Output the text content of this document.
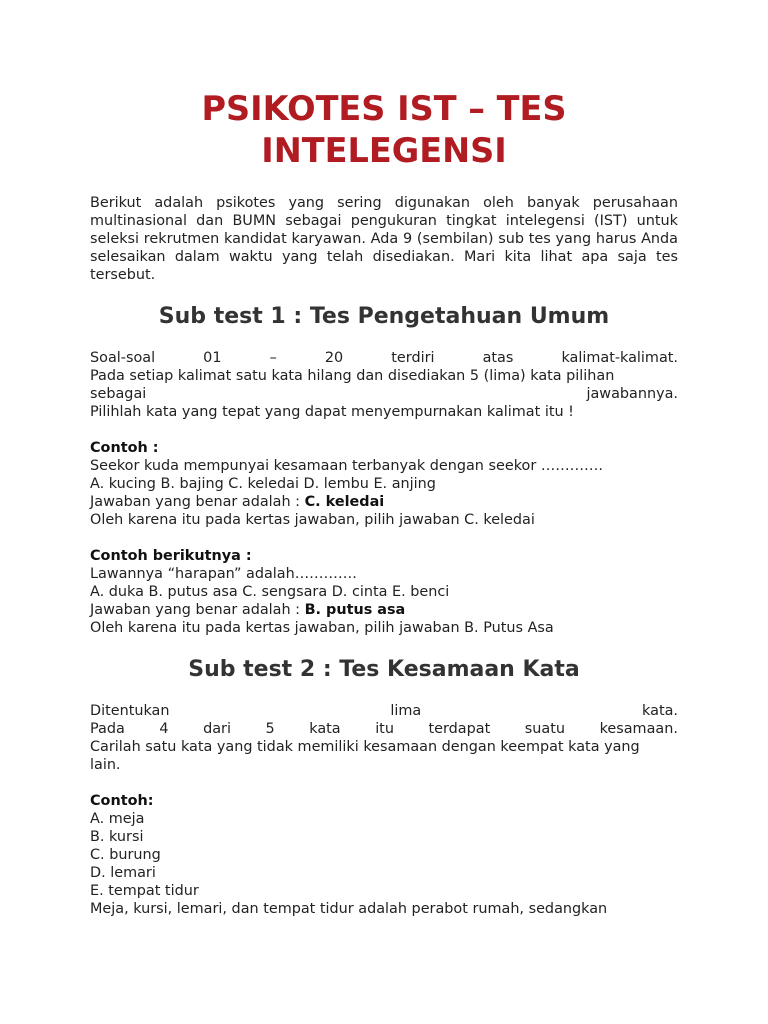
PSIKOTES IST – TES
INTELEGENSI

Berikut adalah psikotes yang sering digunakan oleh banyak perusahaan multinasional dan BUMN sebagai pengukuran tingkat intelegensi (IST) untuk seleksi rekrutmen kandidat karyawan. Ada 9 (sembilan) sub tes yang harus Anda selesaikan dalam waktu yang telah disediakan. Mari kita lihat apa saja tes tersebut.

Sub test 1 : Tes Pengetahuan Umum
Soal-soal	01	–	20	terdiri	atas	kalimat-kalimat.
Pada setiap kalimat satu kata hilang dan disediakan 5 (lima) kata pilihan
sebagai	jawabannya.
Pilihlah kata yang tepat yang dapat menyempurnakan kalimat itu !
Contoh :
Seekor kuda mempunyai kesamaan terbanyak dengan seekor ………….
A. kucing B. bajing C. keledai D. lembu E. anjing
Jawaban yang benar adalah : C. keledai
Oleh karena itu pada kertas jawaban, pilih jawaban C. keledai
Contoh berikutnya :
Lawannya “harapan” adalah………….
A. duka B. putus asa C. sengsara D. cinta E. benci
Jawaban yang benar adalah : B. putus asa
Oleh karena itu pada kertas jawaban, pilih jawaban B. Putus Asa
Sub test 2 : Tes Kesamaan Kata
Ditentukan	lima	kata.
Pada 4 dari 5 kata itu terdapat suatu kesamaan.
Carilah satu kata yang tidak memiliki kesamaan dengan keempat kata yang
lain.
Contoh:
A. meja
B. kursi
C. burung
D. lemari
E. tempat tidur
Meja, kursi, lemari, dan tempat tidur adalah perabot rumah, sedangkan
